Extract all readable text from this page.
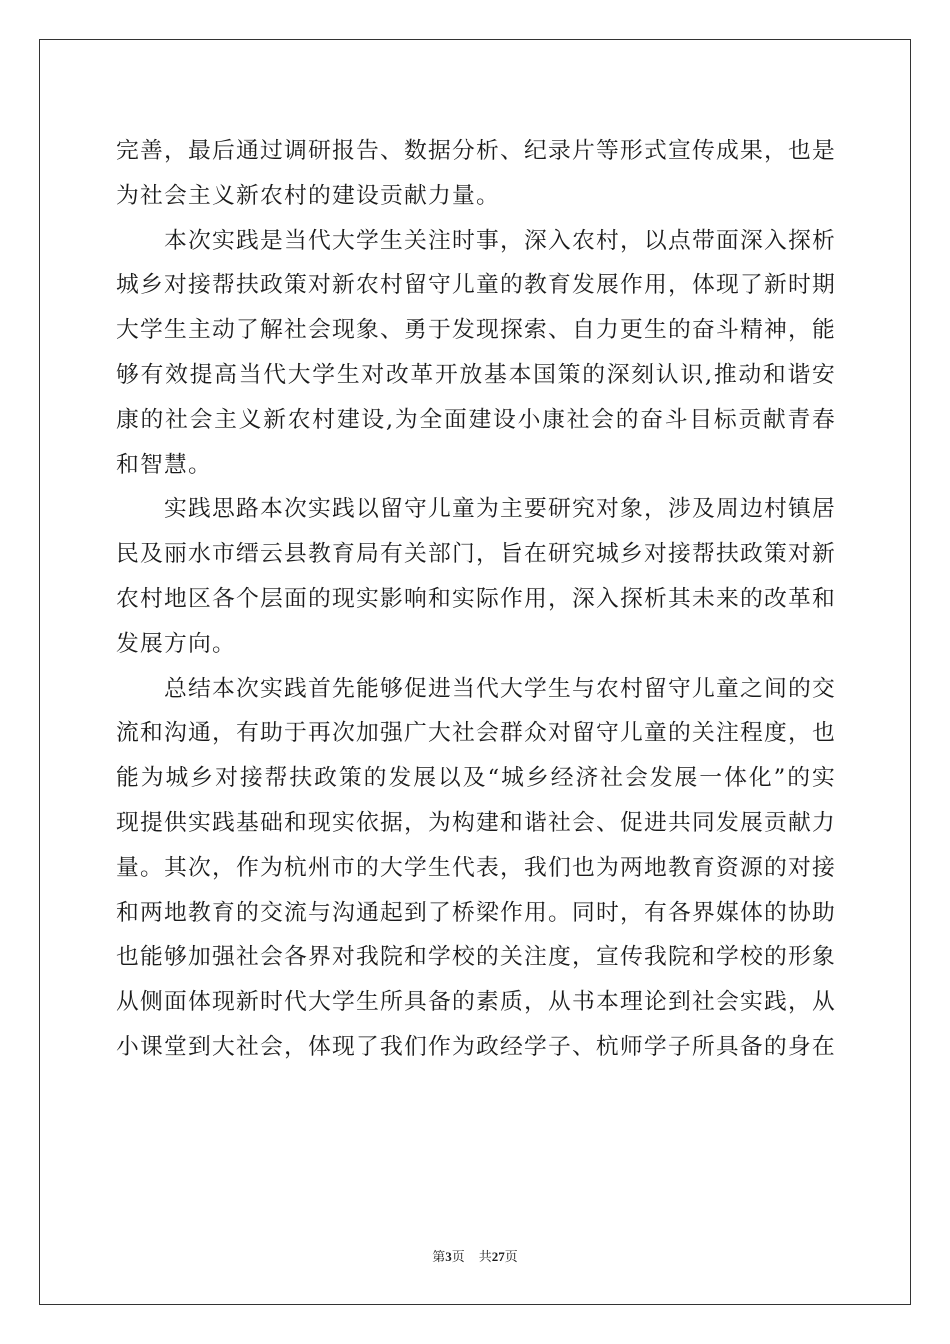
完善，最后通过调研报告、数据分析、纪录片等形式宣传成果，也是为社会主义新农村的建设贡献力量。

本次实践是当代大学生关注时事，深入农村，以点带面深入探析城乡对接帮扶政策对新农村留守儿童的教育发展作用，体现了新时期大学生主动了解社会现象、勇于发现探索、自力更生的奋斗精神，能够有效提高当代大学生对改革开放基本国策的深刻认识,推动和谐安康的社会主义新农村建设,为全面建设小康社会的奋斗目标贡献青春和智慧。

实践思路本次实践以留守儿童为主要研究对象，涉及周边村镇居民及丽水市缙云县教育局有关部门，旨在研究城乡对接帮扶政策对新农村地区各个层面的现实影响和实际作用，深入探析其未来的改革和发展方向。

总结本次实践首先能够促进当代大学生与农村留守儿童之间的交流和沟通，有助于再次加强广大社会群众对留守儿童的关注程度，也能为城乡对接帮扶政策的发展以及“城乡经济社会发展一体化”的实现提供实践基础和现实依据，为构建和谐社会、促进共同发展贡献力量。其次，作为杭州市的大学生代表，我们也为两地教育资源的对接和两地教育的交流与沟通起到了桥梁作用。同时，有各界媒体的协助也能够加强社会各界对我院和学校的关注度，宣传我院和学校的形象从侧面体现新时代大学生所具备的素质，从书本理论到社会实践，从小课堂到大社会，体现了我们作为政经学子、杭师学子所具备的身在

第3页 共27页
